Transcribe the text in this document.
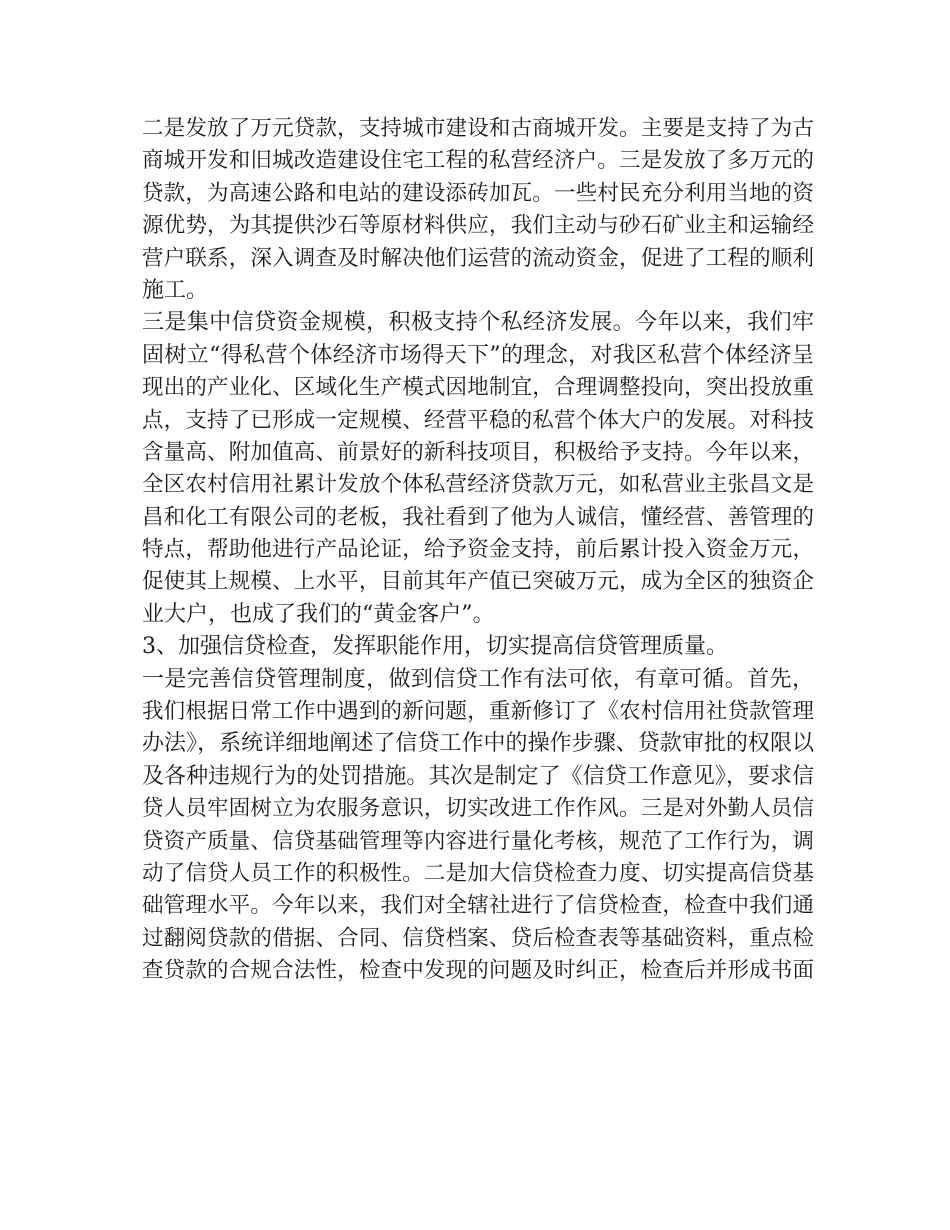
二是发放了万元贷款，支持城市建设和古商城开发。主要是支持了为古
商城开发和旧城改造建设住宅工程的私营经济户。三是发放了多万元的
贷款，为高速公路和电站的建设添砖加瓦。一些村民充分利用当地的资
源优势，为其提供沙石等原材料供应，我们主动与砂石矿业主和运输经
营户联系，深入调查及时解决他们运营的流动资金，促进了工程的顺利
施工。
三是集中信贷资金规模，积极支持个私经济发展。今年以来，我们牢
固树立“得私营个体经济市场得天下”的理念，对我区私营个体经济呈
现出的产业化、区域化生产模式因地制宜，合理调整投向，突出投放重
点，支持了已形成一定规模、经营平稳的私营个体大户的发展。对科技
含量高、附加值高、前景好的新科技项目，积极给予支持。今年以来，
全区农村信用社累计发放个体私营经济贷款万元，如私营业主张昌文是
昌和化工有限公司的老板，我社看到了他为人诚信，懂经营、善管理的
特点，帮助他进行产品论证，给予资金支持，前后累计投入资金万元，
促使其上规模、上水平，目前其年产值已突破万元，成为全区的独资企
业大户，也成了我们的“黄金客户”。
3、加强信贷检查，发挥职能作用，切实提高信贷管理质量。
一是完善信贷管理制度，做到信贷工作有法可依，有章可循。首先，
我们根据日常工作中遇到的新问题，重新修订了《农村信用社贷款管理
办法》，系统详细地阐述了信贷工作中的操作步骤、贷款审批的权限以
及各种违规行为的处罚措施。其次是制定了《信贷工作意见》，要求信
贷人员牢固树立为农服务意识，切实改进工作作风。三是对外勤人员信
贷资产质量、信贷基础管理等内容进行量化考核，规范了工作行为，调
动了信贷人员工作的积极性。二是加大信贷检查力度、切实提高信贷基
础管理水平。今年以来，我们对全辖社进行了信贷检查，检查中我们通
过翻阅贷款的借据、合同、信贷档案、贷后检查表等基础资料，重点检
查贷款的合规合法性，检查中发现的问题及时纠正，检查后并形成书面
